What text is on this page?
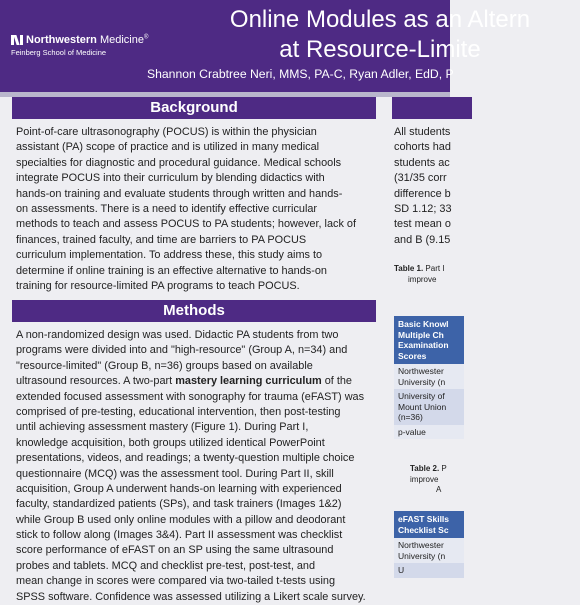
Northwestern Medicine®
Feinberg School of Medicine
Online Modules as an Altern
at Resource-Limite
Shannon Crabtree Neri, MMS, PA-C, Ryan Adler, EdD, P
Background
Point-of-care ultrasonography (POCUS) is within the physician
assistant (PA) scope of practice and is utilized in many medical
specialties for diagnostic and procedural guidance. Medical schools
integrate POCUS into their curriculum by blending didactics with
hands-on training and evaluate students through written and hands-
on assessments. There is a need to identify effective curricular
methods to teach and assess POCUS to PA students; however, lack of
finances, trained faculty, and time are barriers to PA POCUS
curriculum implementation. To address these, this study aims to
determine if online training is an effective alternative to hands-on
training for resource-limited PA programs to teach POCUS.
Methods
A non-randomized design was used. Didactic PA students from two
programs were divided into and "high-resource" (Group A, n=34) and
"resource-limited" (Group B, n=36) groups based on available
ultrasound resources. A two-part mastery learning curriculum of the
extended focused assessment with sonography for trauma (eFAST) was
comprised of pre-testing, educational intervention, then post-testing
until achieving assessment mastery (Figure 1). During Part I,
knowledge acquisition, both groups utilized identical PowerPoint
presentations, videos, and readings; a twenty-question multiple choice
questionnaire (MCQ) was the assessment tool. During Part II, skill
acquisition, Group A underwent hands-on learning with experienced
faculty, standardized patients (SPs), and task trainers (Images 1&2)
while Group B used only online modules with a pillow and deodorant
stick to follow along (Images 3&4). Part II assessment was checklist
score performance of eFAST on an SP using the same ultrasound
probes and tablets. MCQ and checklist pre-test, post-test, and
mean change in scores were compared via two-tailed t-tests using
SPSS software. Confidence was assessed utilizing a Likert scale survey.
All students
cohorts had
students ac
(31/35 corr
difference b
SD 1.12; 33
test mean o
and B (9.15
Table 1. Part I
improve
Basic Knowl
Multiple Ch
Examination
Scores
Northwester
University (n
University of
Mount Union
(n=36)
p-value
Table 2. P
improve
A
eFAST Skills
Checklist Sc
Northwester
University (n
U
